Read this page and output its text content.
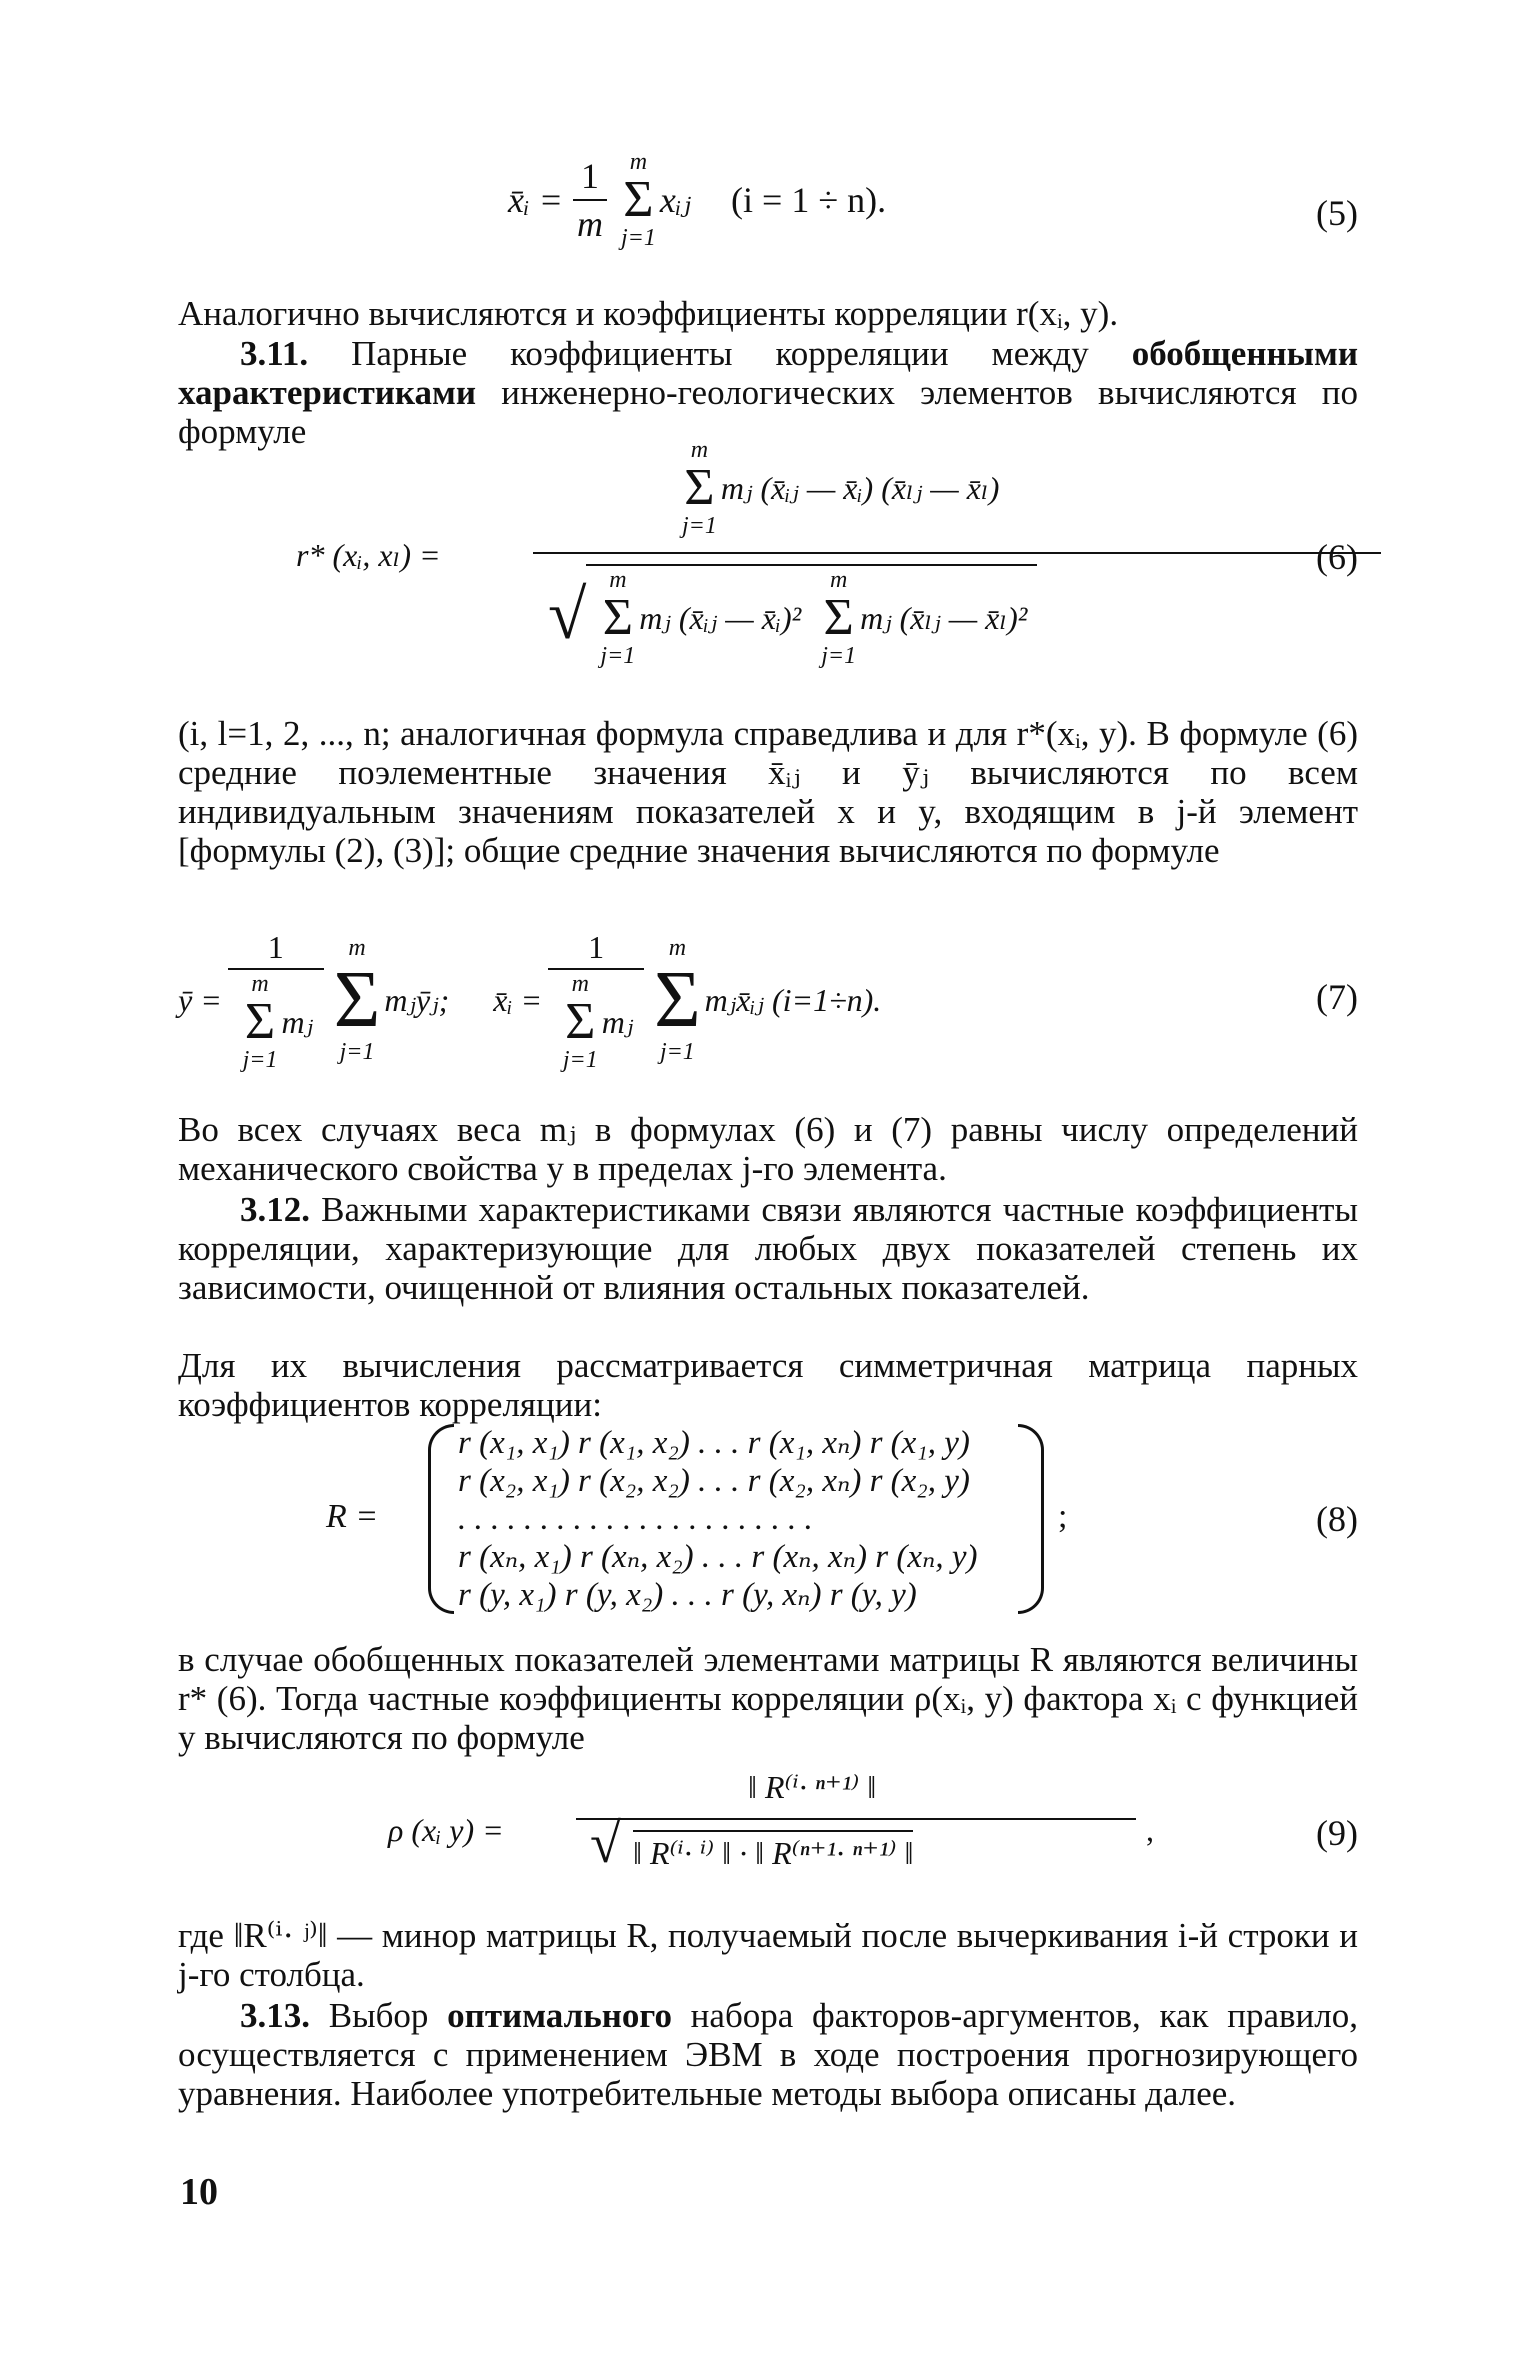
x̄ᵢ = $\frac{1}{m}$ m
Σ
j=1
xᵢⱼ (i = 1 ÷ n).	(5)
Аналогично вычисляются и коэффициенты корреляции r(xᵢ, y).
3.11. Парные коэффициенты корреляции между обобщенными характеристиками инженерно-геологических элементов вычисляются по формуле
r* (xᵢ, xₗ) =
m
Σ
j=1
mⱼ (x̄ᵢⱼ — x̄ᵢ) (x̄ₗⱼ — x̄ₗ)
√ m
Σ
j=1
mⱼ (x̄ᵢⱼ — x̄ᵢ)²
m
Σ
j=1
mⱼ (x̄ₗⱼ — x̄ₗ)²
(6)
(i, l=1, 2, ..., n; аналогичная формула справедлива и для r*(xᵢ, y). В формуле (6) средние поэлементные значения x̄ᵢⱼ и ȳⱼ вычисляются по всем индивидуальным значениям показателей x и y, входящим в j-й элемент [формулы (2), (3)]; общие средние значения вычисляются по формуле
ȳ = 1
m
Σ
j=1
mⱼ m
Σ
j=1
mⱼȳⱼ; x̄ᵢ = 1
m
Σ
j=1
mⱼ m
Σ
j=1
mⱼx̄ᵢⱼ (i=1÷n).	(7)
Во всех случаях веса mⱼ в формулах (6) и (7) равны числу определений механического свойства y в пределах j-го элемента.
3.12. Важными характеристиками связи являются частные коэффициенты корреляции, характеризующие для любых двух показателей степень их зависимости, очищенной от влияния остальных показателей.
Для их вычисления рассматривается симметричная матрица парных коэффициентов корреляции:
R =
r (x₁, x₁) r (x₁, x₂) . . . r (x₁, xₙ) r (x₁, y)
r (x₂, x₁) r (x₂, x₂) . . . r (x₂, xₙ) r (x₂, y)
. . . . . . . . . . . . . . . . . . . . . .
r (xₙ, x₁) r (xₙ, x₂) . . . r (xₙ, xₙ) r (xₙ, y)
r (y, x₁) r (y, x₂) . . . r (y, xₙ) r (y, y)
;	(8)
в случае обобщенных показателей элементами матрицы R являются величины r* (6). Тогда частные коэффициенты корреляции ρ(xᵢ, y) фактора xᵢ с функцией y вычисляются по формуле
ρ (xᵢ y) =
‖ R⁽ⁱ· ⁿ⁺¹⁾ ‖
√ ‖ R⁽ⁱ· ⁱ⁾ ‖ · ‖ R⁽ⁿ⁺¹· ⁿ⁺¹⁾ ‖
,	(9)
где ‖R⁽ⁱ· ʲ⁾‖ — минор матрицы R, получаемый после вычеркивания i-й строки и j-го столбца.
3.13. Выбор оптимального набора факторов-аргументов, как правило, осуществляется с применением ЭВМ в ходе построения прогнозирующего уравнения. Наиболее употребительные методы выбора описаны далее.
10
